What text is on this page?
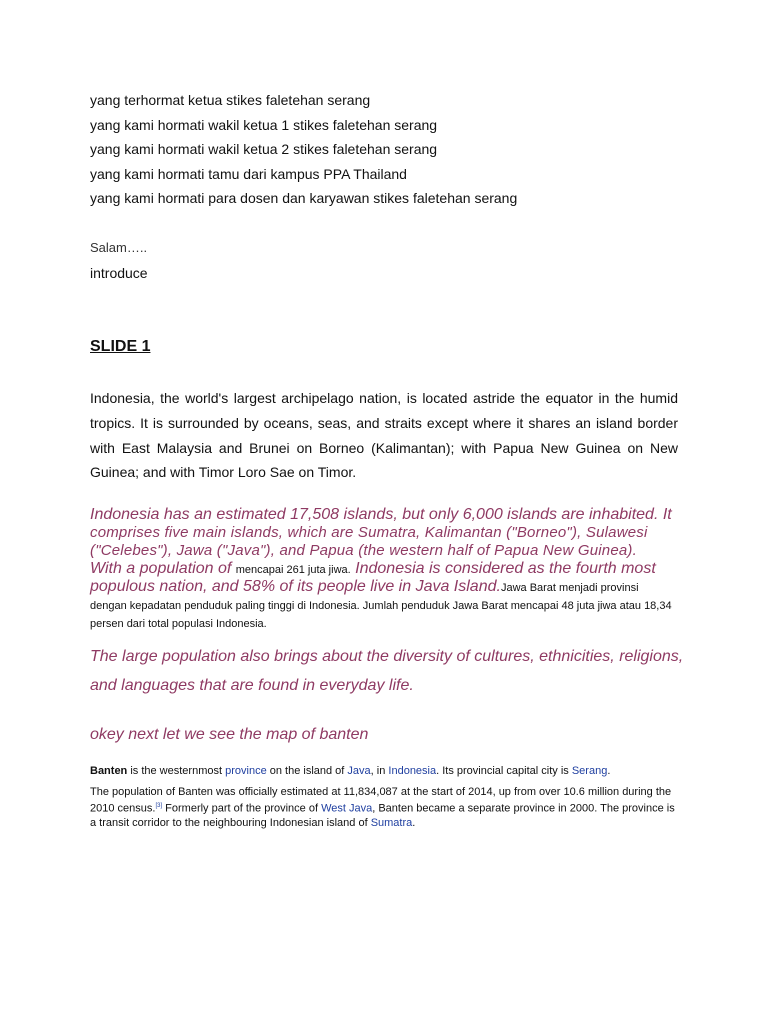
yang terhormat ketua stikes faletehan serang

yang kami hormati wakil ketua 1 stikes faletehan serang

yang kami hormati wakil ketua 2 stikes faletehan serang

yang kami hormati tamu dari kampus PPA Thailand

yang kami hormati para dosen dan karyawan stikes faletehan serang

Salam…..

introduce

SLIDE 1

Indonesia, the world's largest archipelago nation, is located astride the equator in the humid tropics. It is surrounded by oceans, seas, and straits except where it shares an island border with East Malaysia and Brunei on Borneo (Kalimantan); with Papua New Guinea on New Guinea; and with Timor Loro Sae on Timor.

Indonesia has an estimated 17,508 islands, but only 6,000 islands are inhabited. It
comprises five main islands, which are Sumatra, Kalimantan ("Borneo"), Sulawesi ("Celebes"), Jawa ("Java"), and Papua (the western half of Papua New Guinea).
With a population of mencapai 261 juta jiwa. Indonesia is considered as the fourth most populous nation, and 58% of its people live in Java Island.Jawa Barat menjadi provinsi dengan kepadatan penduduk paling tinggi di Indonesia. Jumlah penduduk Jawa Barat mencapai 48 juta jiwa atau 18,34 persen dari total populasi Indonesia.

The large population also brings about the diversity of cultures, ethnicities, religions, and languages that are found in everyday life.

okey next let we see the map of banten

Banten is the westernmost province on the island of Java, in Indonesia. Its provincial capital city is Serang.

The population of Banten was officially estimated at 11,834,087 at the start of 2014, up from over 10.6 million during the 2010 census.[3] Formerly part of the province of West Java, Banten became a separate province in 2000. The province is a transit corridor to the neighbouring Indonesian island of Sumatra.
